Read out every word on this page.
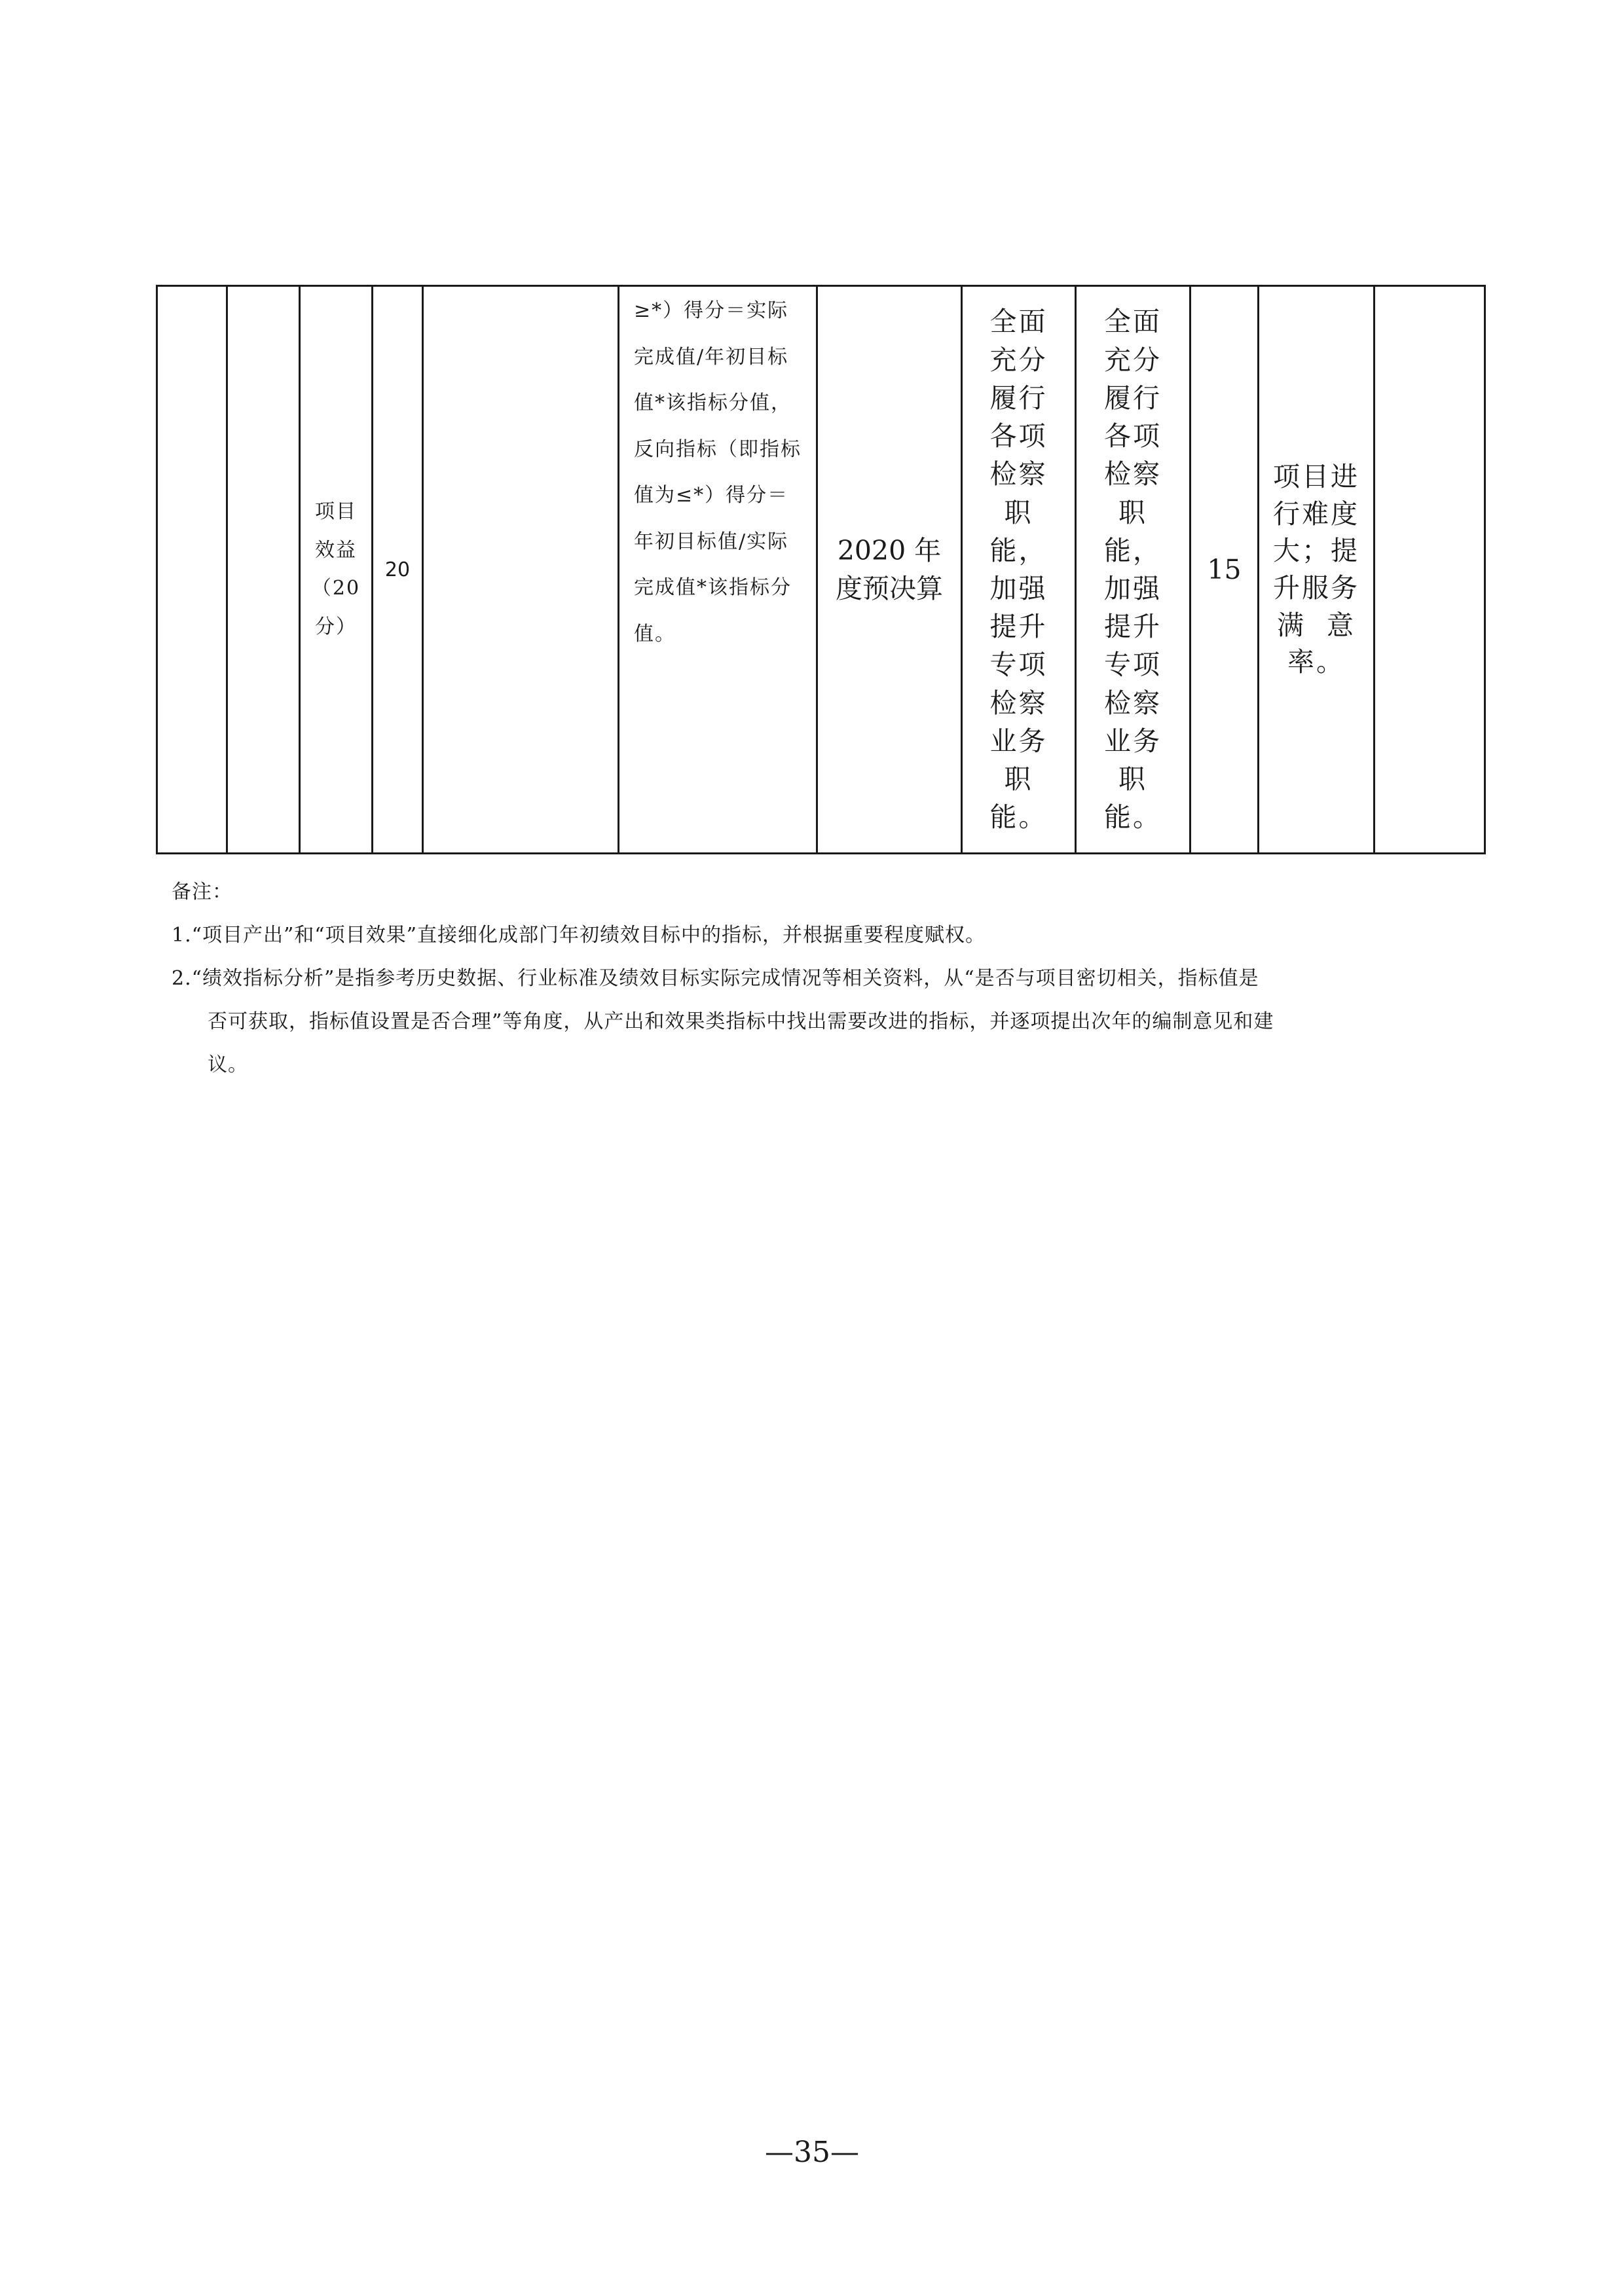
项目
效益
（20
分）
20
≥*）得分＝实际
完成值/年初目标
值*该指标分值，
反向指标（即指标
值为≤*）得分＝
年初目标值/实际
完成值*该指标分
值。
2020 年
度预决算
全面
充分
履行
各项
检察
职
能，
加强
提升
专项
检察
业务
职
能。
全面
充分
履行
各项
检察
职
能，
加强
提升
专项
检察
业务
职
能。
15
项目进
行难度
大；提
升服务
满  意
率。
备注：
1.“项目产出”和“项目效果”直接细化成部门年初绩效目标中的指标，并根据重要程度赋权。
2.“绩效指标分析”是指参考历史数据、行业标准及绩效目标实际完成情况等相关资料，从“是否与项目密切相关，指标值是
否可获取，指标值设置是否合理”等角度，从产出和效果类指标中找出需要改进的指标，并逐项提出次年的编制意见和建
议。
—35—
